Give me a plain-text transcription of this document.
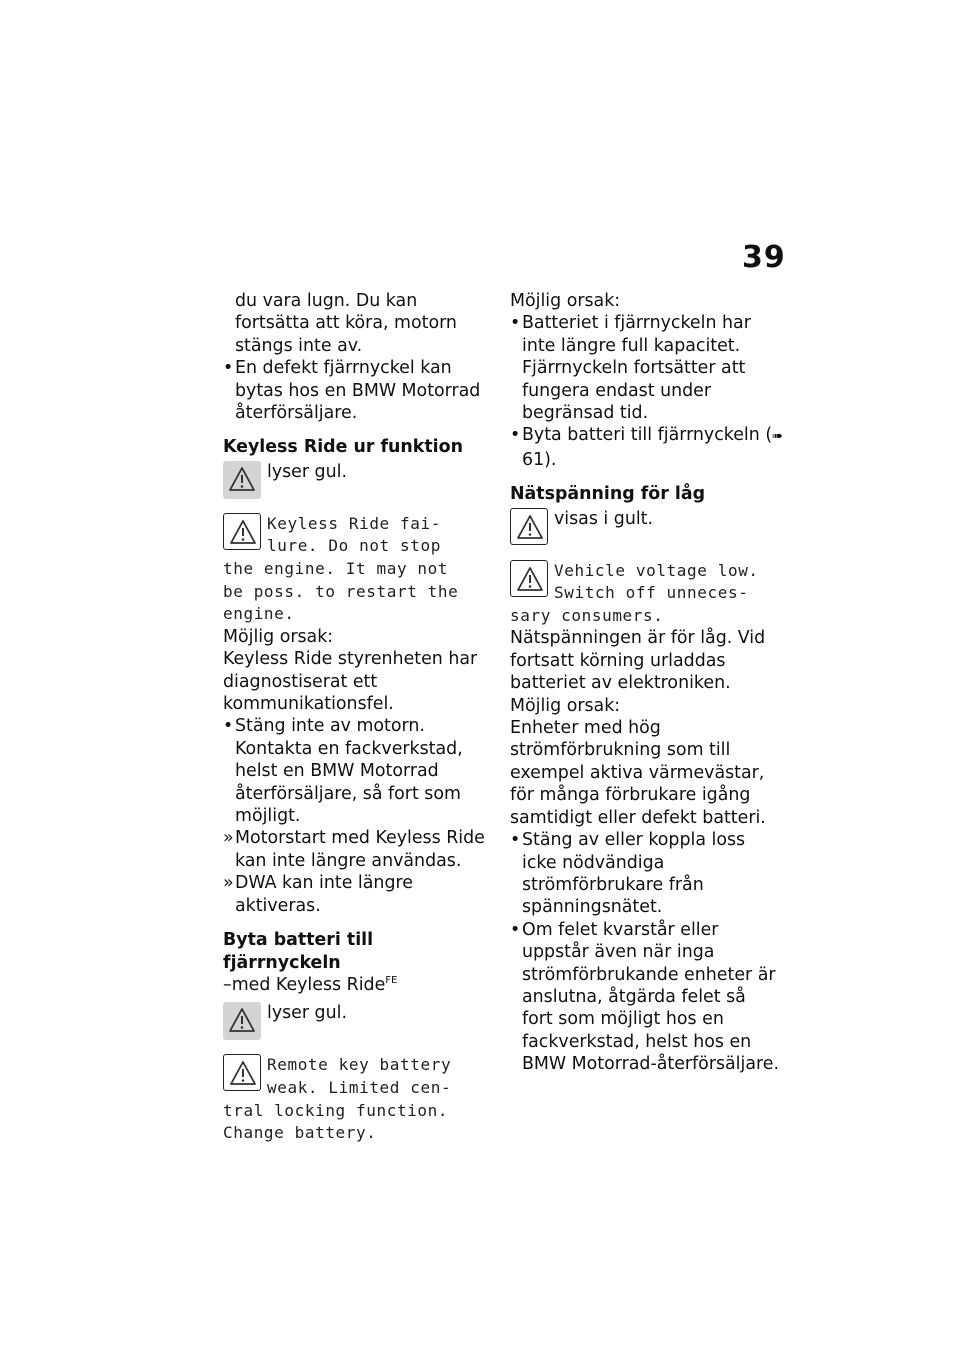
39
du vara lugn. Du kan fortsätta att köra, motorn stängs inte av.
• En defekt fjärrnyckel kan bytas hos en BMW Motorrad återförsäljare.
Keyless Ride ur funktion
lyser gul.
Keyless Ride fai-
lure. Do not stop
the engine. It may not
be poss. to restart the
engine.
Möjlig orsak:
Keyless Ride styrenheten har diagnostiserat ett kommunikationsfel.
• Stäng inte av motorn. Kontakta en fackverkstad, helst en BMW Motorrad återförsäljare, så fort som möjligt.
» Motorstart med Keyless Ride kan inte längre användas.
» DWA kan inte längre aktiveras.
Byta batteri till fjärrnyckeln
–med Keyless Ride$^{FE}$
lyser gul.
Remote key battery
weak. Limited cen-
tral locking function.
Change battery.
Möjlig orsak:
• Batteriet i fjärrnyckeln har inte längre full kapacitet. Fjärrnyckeln fortsätter att fungera endast under begränsad tid.
• Byta batteri till fjärrnyckeln (➠ 61).
Nätspänning för låg
visas i gult.
Vehicle voltage low.
Switch off unneces-
sary consumers.
Nätspänningen är för låg. Vid fortsatt körning urladdas batteriet av elektroniken.
Möjlig orsak:
Enheter med hög strömförbrukning som till exempel aktiva värmevästar, för många förbrukare igång samtidigt eller defekt batteri.
• Stäng av eller koppla loss icke nödvändiga strömförbrukare från spänningsnätet.
• Om felet kvarstår eller uppstår även när inga strömförbrukande enheter är anslutna, åtgärda felet så fort som möjligt hos en fackverkstad, helst hos en BMW Motorrad-återförsäljare.
